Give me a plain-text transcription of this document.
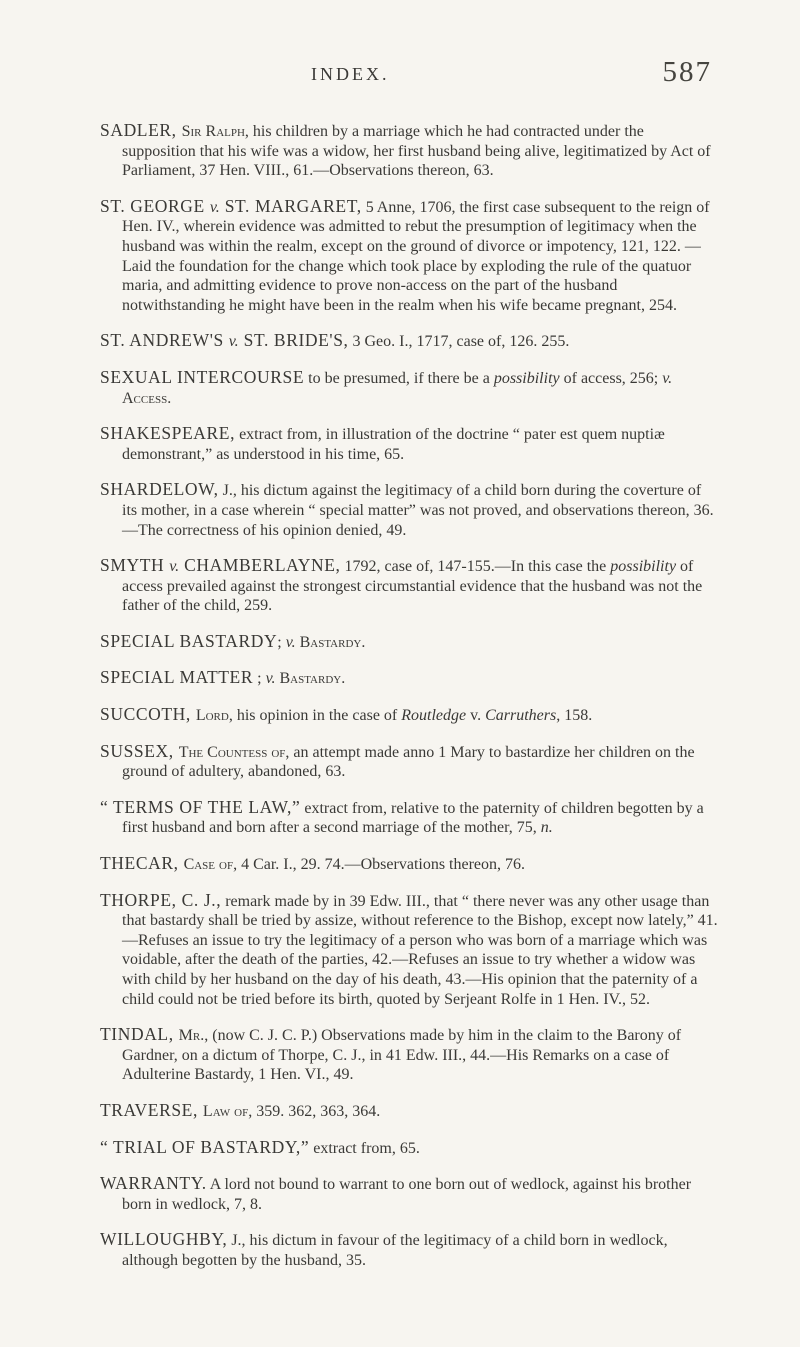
INDEX.	587

SADLER, Sir Ralph, his children by a marriage which he had contracted under the supposition that his wife was a widow, her first husband being alive, legitimatized by Act of Parliament, 37 Hen. VIII., 61.—Observations thereon, 63.

ST. GEORGE v. ST. MARGARET, 5 Anne, 1706, the first case subsequent to the reign of Hen. IV., wherein evidence was admitted to rebut the presumption of legitimacy when the husband was within the realm, except on the ground of divorce or impotency, 121, 122. —Laid the foundation for the change which took place by exploding the rule of the quatuor maria, and admitting evidence to prove non-access on the part of the husband notwithstanding he might have been in the realm when his wife became pregnant, 254.

ST. ANDREW'S v. ST. BRIDE'S, 3 Geo. I., 1717, case of, 126. 255.

SEXUAL INTERCOURSE to be presumed, if there be a possibility of access, 256; v. Access.

SHAKESPEARE, extract from, in illustration of the doctrine “ pater est quem nuptiæ demonstrant,” as understood in his time, 65.

SHARDELOW, J., his dictum against the legitimacy of a child born during the coverture of its mother, in a case wherein “ special matter” was not proved, and observations thereon, 36.—The correctness of his opinion denied, 49.

SMYTH v. CHAMBERLAYNE, 1792, case of, 147-155.—In this case the possibility of access prevailed against the strongest circumstantial evidence that the husband was not the father of the child, 259.

SPECIAL BASTARDY; v. Bastardy.

SPECIAL MATTER ; v. Bastardy.

SUCCOTH, Lord, his opinion in the case of Routledge v. Carruthers, 158.

SUSSEX, The Countess of, an attempt made anno 1 Mary to bastardize her children on the ground of adultery, abandoned, 63.

“ TERMS OF THE LAW,” extract from, relative to the paternity of children begotten by a first husband and born after a second marriage of the mother, 75, n.

THECAR, Case of, 4 Car. I., 29. 74.—Observations thereon, 76.

THORPE, C. J., remark made by in 39 Edw. III., that “ there never was any other usage than that bastardy shall be tried by assize, without reference to the Bishop, except now lately,” 41.—Refuses an issue to try the legitimacy of a person who was born of a marriage which was voidable, after the death of the parties, 42.—Refuses an issue to try whether a widow was with child by her husband on the day of his death, 43.—His opinion that the paternity of a child could not be tried before its birth, quoted by Serjeant Rolfe in 1 Hen. IV., 52.

TINDAL, Mr., (now C. J. C. P.) Observations made by him in the claim to the Barony of Gardner, on a dictum of Thorpe, C. J., in 41 Edw. III., 44.—His Remarks on a case of Adulterine Bastardy, 1 Hen. VI., 49.

TRAVERSE, Law of, 359. 362, 363, 364.

“ TRIAL OF BASTARDY,” extract from, 65.

WARRANTY. A lord not bound to warrant to one born out of wedlock, against his brother born in wedlock, 7, 8.

WILLOUGHBY, J., his dictum in favour of the legitimacy of a child born in wedlock, although begotten by the husband, 35.
